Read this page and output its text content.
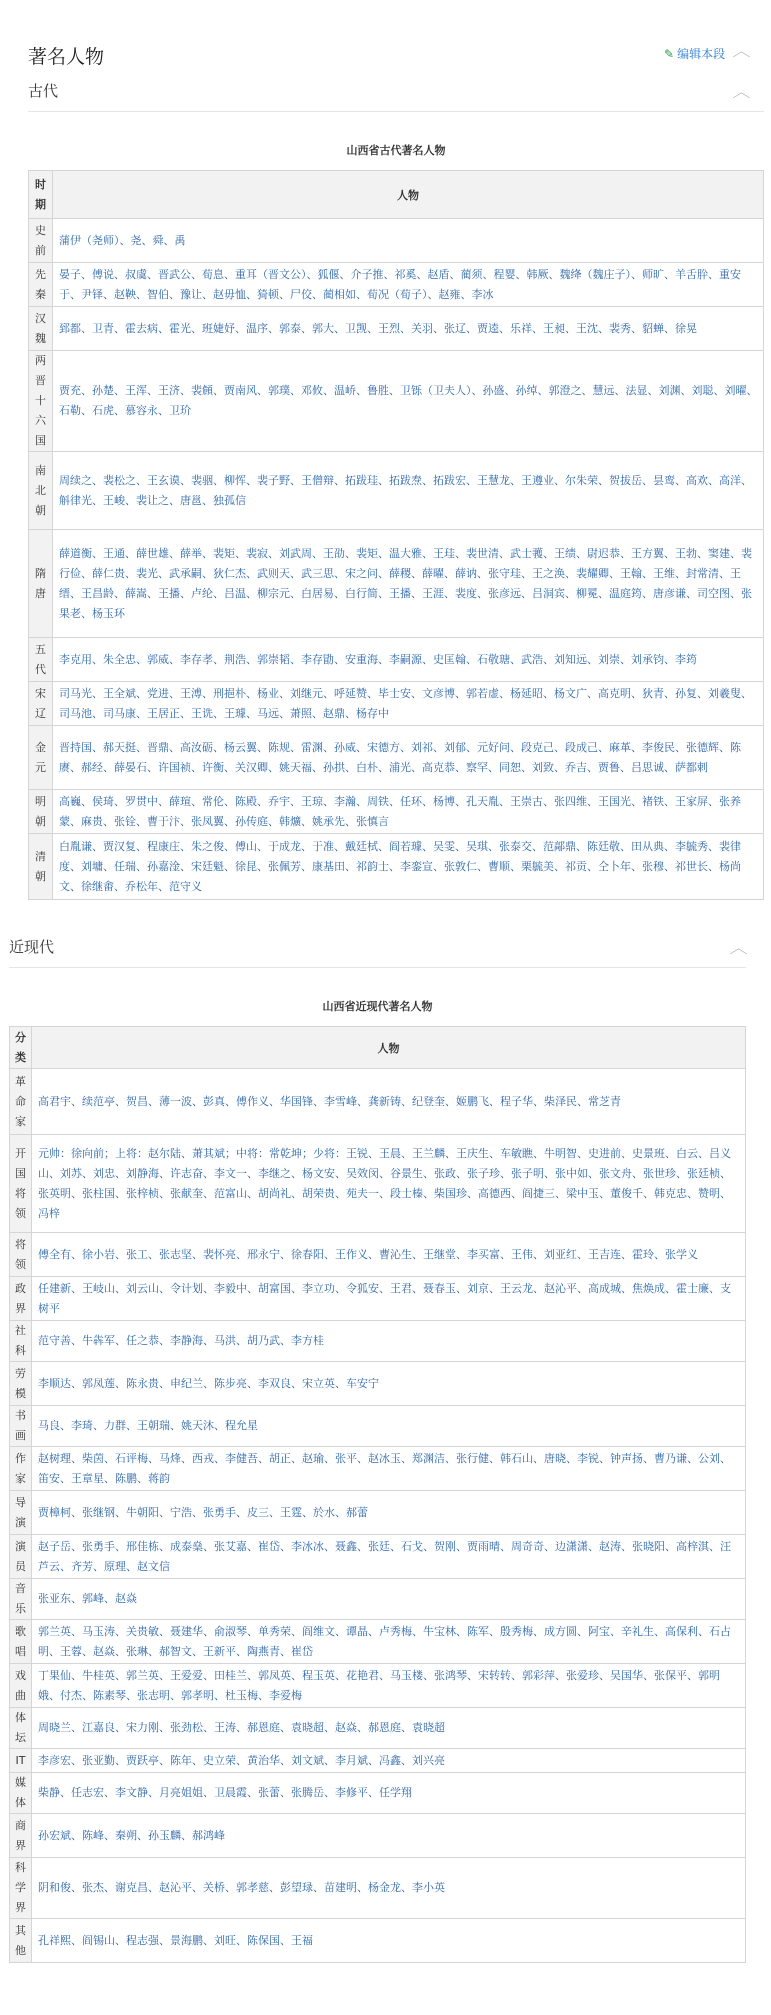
著名人物	✎ 编辑本段 ︿
古代	︿
山西省古代著名人物
时期	人物
史前	蒲伊（尧师）、尧、舜、禹
先秦	晏子、傅说、叔虞、晋武公、荀息、重耳（晋文公）、狐偃、介子推、祁奚、赵盾、蔺须、程婴、韩厥、魏绛（魏庄子）、师旷、羊舌肸、重安于、尹铎、赵鞅、智伯、豫让、赵毋恤、猗顿、尸佼、蔺相如、荀况（荀子）、赵雍、李冰
汉魏	郅都、卫青、霍去病、霍光、班婕妤、温序、郭泰、郭大、卫觊、王烈、关羽、张辽、贾逵、乐祥、王昶、王沈、裴秀、貂蝉、徐晃
两晋十六国	贾充、孙楚、王浑、王济、裴頠、贾南风、郭璞、邓攸、温峤、鲁胜、卫铄（卫夫人）、孙盛、孙绰、郭澄之、慧远、法显、刘渊、刘聪、刘曜、石勒、石虎、慕容永、卫玠
南北朝	周续之、裴松之、王玄谟、裴骃、柳恽、裴子野、王僧辩、拓跋珪、拓跋焘、拓跋宏、王慧龙、王遵业、尔朱荣、贺拔岳、昙鸾、高欢、高洋、斛律光、王峻、裴让之、唐邕、独孤信
隋唐	薛道衡、王通、薛世雄、薛举、裴矩、裴寂、刘武周、王劭、裴矩、温大雅、王珪、裴世清、武士彟、王绩、尉迟恭、王方翼、王勃、窦建、裴行俭、薛仁贵、裴光、武承嗣、狄仁杰、武则天、武三思、宋之问、薛稷、薛曜、薛讷、张守珪、王之涣、裴耀卿、王翰、王维、封常清、王缙、王昌龄、薛嵩、王播、卢纶、吕温、柳宗元、白居易、白行简、王播、王涯、裴度、张彦远、吕洞宾、柳冕、温庭筠、唐彦谦、司空图、张果老、杨玉环
五代	李克用、朱全忠、郭威、李存孝、荆浩、郭崇韬、李存勖、安重海、李嗣源、史匡翰、石敬瑭、武浩、刘知远、刘崇、刘承钧、李筠
宋辽	司马光、王全斌、党进、王溥、刑挹朴、杨业、刘继元、呼延赞、毕士安、文彦博、郭若虚、杨延昭、杨文广、高克明、狄青、孙复、刘羲叟、司马池、司马康、王居正、王诜、王璩、马远、萧照、赵鼎、杨存中
金元	晋持国、郝天挺、晋鼎、高汝砺、杨云翼、陈规、雷渊、孙威、宋德方、刘祁、刘郁、元好问、段克己、段成己、麻革、李俊民、张德辉、陈赓、郝经、薛晏石、许国祯、许衡、关汉卿、姚天福、孙拱、白朴、浦光、高克恭、察罕、同恕、刘致、乔吉、贾鲁、吕思诚、萨都剌
明朝	高巍、侯琦、罗贯中、薛瑄、常伦、陈殿、乔宇、王琼、李瀚、周铁、任环、杨博、孔天胤、王崇古、张四维、王国光、褚铁、王家屏、张养蒙、麻贵、张铨、曹于汴、张凤翼、孙传庭、韩爌、姚承先、张慎言
清朝	白胤谦、贾汉复、程康庄、朱之俊、傅山、于成龙、于准、戴廷栻、阎若璩、吴雯、吴琪、张泰交、范鄗鼎、陈廷敬、田从典、李毓秀、裴律度、刘墉、任瑞、孙嘉淦、宋廷魁、徐昆、张佩芳、康基田、祁韵士、李銮宣、张敦仁、曹顺、栗毓美、祁贡、仝卜年、张穆、祁世长、杨尚文、徐继畬、乔松年、范守义
近现代	︿
山西省近现代著名人物
分类	人物
革命家	高君宇、续范亭、贺昌、薄一波、彭真、傅作义、华国锋、李雪峰、龚新铸、纪登奎、姬鹏飞、程子华、柴泽民、常芝青
开国将领	元帅：徐向前；上将：赵尔陆、萧其斌；中将：常乾坤；少将：王锐、王晨、王兰麟、王庆生、车敏瞧、牛明智、史进前、史景班、白云、吕义山、刘苏、刘忠、刘静海、许志奋、李文一、李继之、杨文安、吴效闵、谷景生、张政、张子珍、张子明、张中如、张文舟、张世珍、张廷桢、张英明、张柱国、张梓桢、张献奎、范富山、胡尚礼、胡荣贵、苑夫一、段士榛、柴国珍、高德西、阎捷三、梁中玉、董俊千、韩克忠、赞明、冯梓
将领	傅全有、徐小岩、张工、张志坚、裴怀亮、邢永宁、徐春阳、王作义、曹沁生、王继堂、李买富、王伟、刘亚红、王吉连、霍玲、张学义
政界	任建新、王岐山、刘云山、令计划、李毅中、胡富国、李立功、令狐安、王君、聂春玉、刘京、王云龙、赵沁平、高成城、焦焕成、霍士廉、支树平
社科	范守善、牛犇军、任之恭、李静海、马洪、胡乃武、李方桂
劳模	李顺达、郭凤莲、陈永贵、申纪兰、陈步亮、李双良、宋立英、车安宁
书画	马良、李琦、力群、王朝瑞、姚天沐、程允星
作家	赵树理、柴茵、石评梅、马烽、西戎、李健吾、胡正、赵瑜、张平、赵冰玉、郑渊洁、张行健、韩石山、唐晓、李锐、钟声扬、曹乃谦、公刘、笛安、王章星、陈鹏、蒋韵
导演	贾樟柯、张继钢、牛朝阳、宁浩、张勇手、皮三、王霆、於水、郝蕾
演员	赵子岳、张勇手、邢佳栋、成泰燊、张艾嘉、崔岱、李冰冰、聂鑫、张廷、石戈、贺刚、贾雨晴、周奇奇、边潇潇、赵涛、张晓阳、高梓淇、汪芦云、齐芳、原理、赵文信
音乐	张亚东、郭峰、赵焱
歌唱	郭兰英、马玉涛、关贵敏、聂建华、俞淑琴、单秀荣、阎维文、谭晶、卢秀梅、牛宝林、陈军、殷秀梅、成方圆、阿宝、辛礼生、高保利、石占明、王蓉、赵焱、张琳、郝智文、王新平、陶燕青、崔岱
戏曲	丁果仙、牛桂英、郭兰英、王爱爱、田桂兰、郭凤英、程玉英、花艳君、马玉楼、张鸿琴、宋转转、郭彩萍、张爱珍、吴国华、张保平、郭明娥、付杰、陈素琴、张志明、郭孝明、杜玉梅、李爱梅
体坛	周晓兰、江嘉良、宋力刚、张劲松、王涛、郝恩庭、袁晓超、赵焱、郝恩庭、袁晓超
IT	李彦宏、张亚勤、贾跃亭、陈年、史立荣、黄治华、刘文斌、李月斌、冯鑫、刘兴亮
媒体	柴静、任志宏、李文静、月亮姐姐、卫晨霞、张蕾、张腾岳、李修平、任学翔
商界	孙宏斌、陈峰、秦朔、孙玉麟、郝鸿峰
科学界	阴和俊、张杰、谢克昌、赵沁平、关桥、郭孝慈、彭望琭、苗建明、杨金龙、李小英
其他	孔祥熙、阎锡山、程志强、景海鹏、刘旺、陈保国、王福
